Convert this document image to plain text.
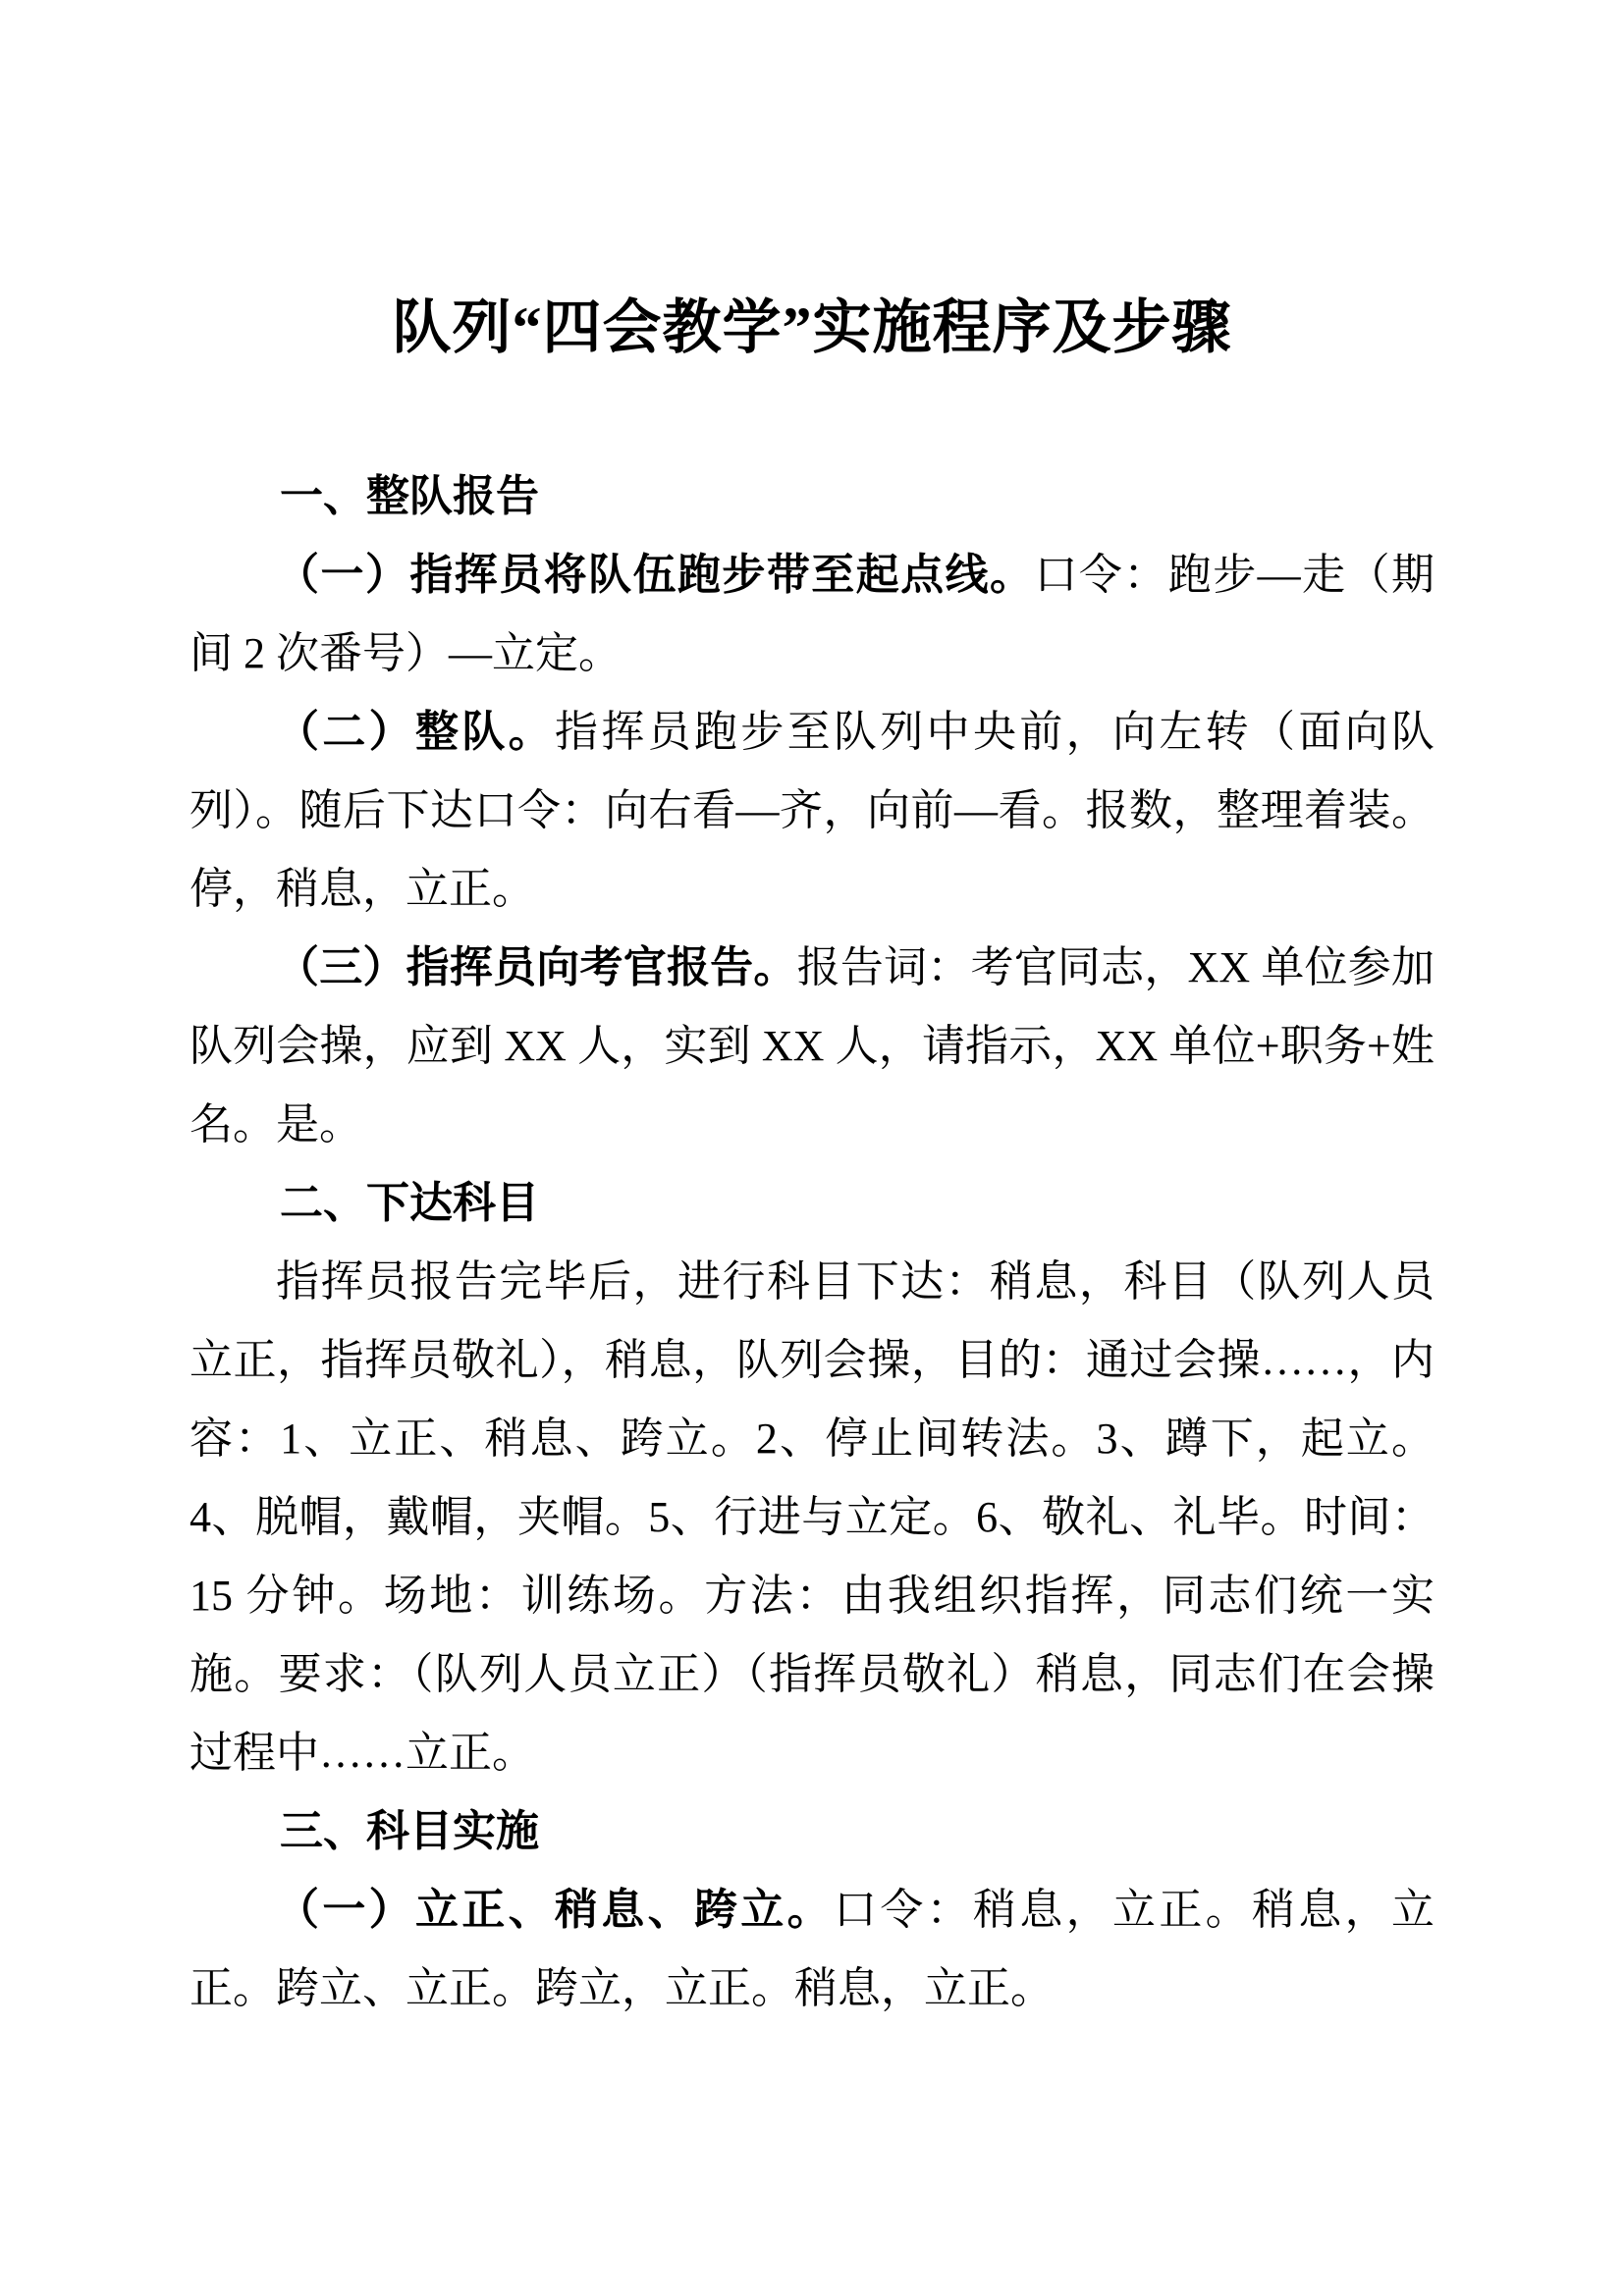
队列“四会教学”实施程序及步骤
一、整队报告

（一）指挥员将队伍跑步带至起点线。口令：跑步—走（期间 2 次番号）—立定。

（二）整队。指挥员跑步至队列中央前，向左转（面向队列）。随后下达口令：向右看—齐，向前—看。报数，整理着装。停，稍息，立正。

（三）指挥员向考官报告。报告词：考官同志，XX 单位参加队列会操，应到 XX 人，实到 XX 人，请指示，XX 单位+职务+姓名。是。

二、下达科目

指挥员报告完毕后，进行科目下达：稍息，科目（队列人员立正，指挥员敬礼），稍息，队列会操，目的：通过会操……，内容：1、立正、稍息、跨立。2、停止间转法。3、蹲下，起立。4、脱帽，戴帽，夹帽。5、行进与立定。6、敬礼、礼毕。时间：15 分钟。场地：训练场。方法：由我组织指挥，同志们统一实施。要求：（队列人员立正）（指挥员敬礼）稍息，同志们在会操过程中……立正。

三、科目实施

（一）立正、稍息、跨立。口令：稍息，立正。稍息，立正。跨立、立正。跨立，立正。稍息，立正。
